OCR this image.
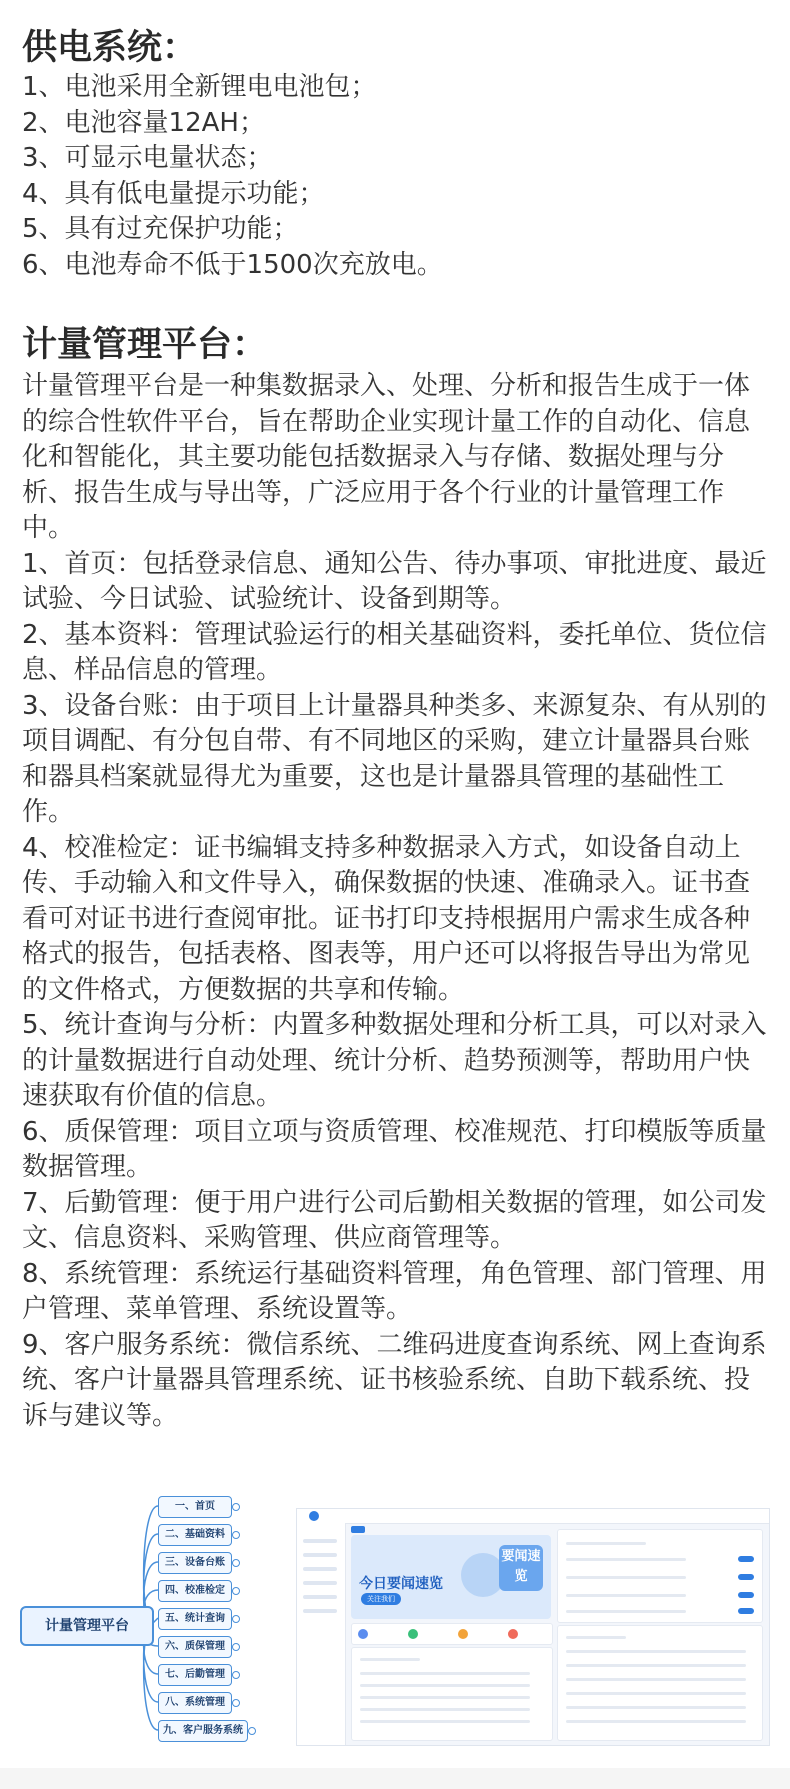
供电系统：

1、电池采用全新锂电电池包；

2、电池容量12AH；

3、可显示电量状态；

4、具有低电量提示功能；

5、具有过充保护功能；

6、电池寿命不低于1500次充放电。

计量管理平台：

计量管理平台是一种集数据录入、处理、分析和报告生成于一体的综合性软件平台，旨在帮助企业实现计量工作的自动化、信息化和智能化，其主要功能包括数据录入与存储、数据处理与分析、报告生成与导出等，广泛应用于各个行业的计量管理工作中。

1、首页：包括登录信息、通知公告、待办事项、审批进度、最近试验、今日试验、试验统计、设备到期等。

2、基本资料：管理试验运行的相关基础资料，委托单位、货位信息、样品信息的管理。

3、设备台账：由于项目上计量器具种类多、来源复杂、有从别的项目调配、有分包自带、有不同地区的采购，建立计量器具台账和器具档案就显得尤为重要，这也是计量器具管理的基础性工作。

4、校准检定：证书编辑支持多种数据录入方式，如设备自动上传、手动输入和文件导入，确保数据的快速、准确录入。证书查看可对证书进行查阅审批。证书打印支持根据用户需求生成各种格式的报告，包括表格、图表等，用户还可以将报告导出为常见的文件格式，方便数据的共享和传输。

5、统计查询与分析：内置多种数据处理和分析工具，可以对录入的计量数据进行自动处理、统计分析、趋势预测等，帮助用户快速获取有价值的信息。

6、质保管理：项目立项与资质管理、校准规范、打印模版等质量数据管理。

7、后勤管理：便于用户进行公司后勤相关数据的管理，如公司发文、信息资料、采购管理、供应商管理等。

8、系统管理：系统运行基础资料管理，角色管理、部门管理、用户管理、菜单管理、系统设置等。

9、客户服务系统：微信系统、二维码进度查询系统、网上查询系统、客户计量器具管理系统、证书核验系统、自助下载系统、投诉与建议等。

计量管理平台
一、首页
二、基础资料
三、设备台账
四、校准检定
五、统计查询
六、质保管理
七、后勤管理
八、系统管理
九、客户服务系统
今日要闻速览
关注我们
要闻速览
